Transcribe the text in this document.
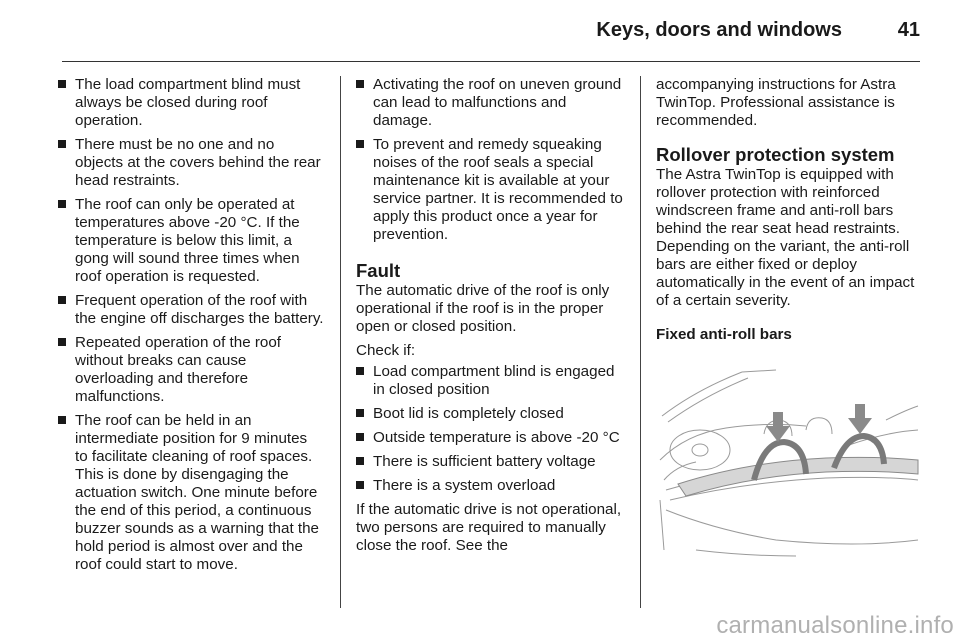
Keys, doors and windows	41
The load compartment blind must always be closed during roof operation.
There must be no one and no objects at the covers behind the rear head restraints.
The roof can only be operated at temperatures above -20 °C. If the temperature is below this limit, a gong will sound three times when roof operation is requested.
Frequent operation of the roof with the engine off discharges the battery.
Repeated operation of the roof without breaks can cause overloading and therefore malfunctions.
The roof can be held in an intermediate position for 9 minutes to facilitate cleaning of roof spaces. This is done by disengaging the actuation switch. One minute before the end of this period, a continuous buzzer sounds as a warning that the hold period is almost over and the roof could start to move.
Activating the roof on uneven ground can lead to malfunctions and damage.
To prevent and remedy squeaking noises of the roof seals a special maintenance kit is available at your service partner. It is recommended to apply this product once a year for prevention.
Fault
The automatic drive of the roof is only operational if the roof is in the proper open or closed position.
Check if:
Load compartment blind is engaged in closed position
Boot lid is completely closed
Outside temperature is above -20 °C
There is sufficient battery voltage
There is a system overload
If the automatic drive is not operational, two persons are required to manually close the roof. See the
accompanying instructions for Astra TwinTop. Professional assistance is recommended.
Rollover protection system
The Astra TwinTop is equipped with rollover protection with reinforced windscreen frame and anti-roll bars behind the rear seat head restraints. Depending on the variant, the anti-roll bars are either fixed or deploy automatically in the event of an impact of a certain severity.
Fixed anti-roll bars
carmanualsonline.info
